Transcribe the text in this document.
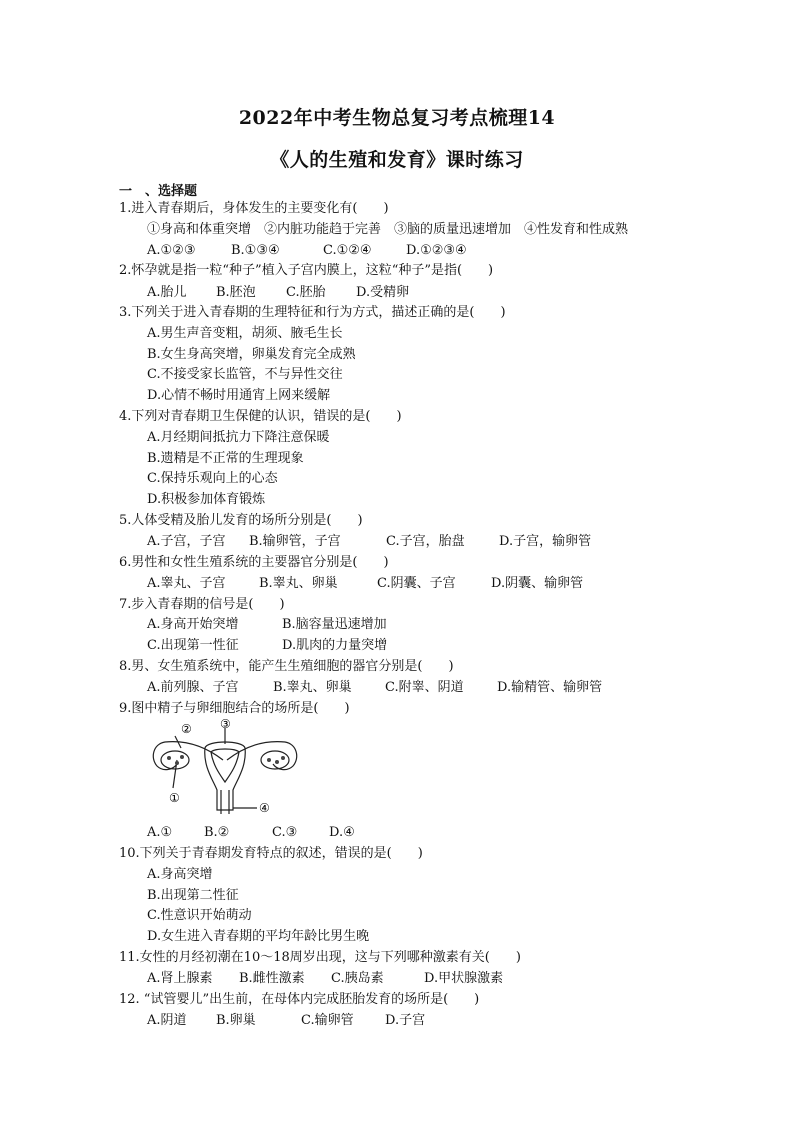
2022年中考生物总复习考点梳理14
《人的生殖和发育》课时练习
一　、选择题
1.进入青春期后，身体发生的主要变化有(　　)
①身高和体重突增　②内脏功能趋于完善　③脑的质量迅速增加　④性发育和性成熟
A.①②③	B.①③④	C.①②④	D.①②③④
2.怀孕就是指一粒“种子”植入子宫内膜上，这粒“种子”是指(　　)
A.胎儿 B.胚泡 C.胚胎 D.受精卵
3.下列关于进入青春期的生理特征和行为方式，描述正确的是(　　)
A.男生声音变粗，胡须、腋毛生长
B.女生身高突增，卵巢发育完全成熟
C.不接受家长监管，不与异性交往
D.心情不畅时用通宵上网来缓解
4.下列对青春期卫生保健的认识，错误的是(　　)
A.月经期间抵抗力下降注意保暖
B.遗精是不正常的生理现象
C.保持乐观向上的心态
D.积极参加体育锻炼
5.人体受精及胎儿发育的场所分别是(　　)
A.子宫，子宫 B.输卵管，子宫	C.子宫，胎盘	D.子宫，输卵管
6.男性和女性生殖系统的主要器官分别是(　　)
A.睾丸、子宫	B.睾丸、卵巢	C.阴囊、子宫	D.阴囊、输卵管
7.步入青春期的信号是(　　)
A.身高开始突增	B.脑容量迅速增加
C.出现第一性征	D.肌肉的力量突增
8.男、女生殖系统中，能产生生殖细胞的器官分别是(　　)
A.前列腺、子宫	B.睾丸、卵巢	C.附睾、阴道	D.输精管、输卵管
9.图中精子与卵细胞结合的场所是(　　)
①
② ③
④
A.① B.②	C.③ D.④
10.下列关于青春期发育特点的叙述，错误的是(　　)
A.身高突增
B.出现第二性征
C.性意识开始萌动
D.女生进入青春期的平均年龄比男生晚
11.女性的月经初潮在10～18周岁出现，这与下列哪种激素有关(　　)
A.肾上腺素 B.雌性激素 C.胰岛素	D.甲状腺激素
12. “试管婴儿”出生前，在母体内完成胚胎发育的场所是(　　)
A.阴道 B.卵巢	C.输卵管 D.子宫
